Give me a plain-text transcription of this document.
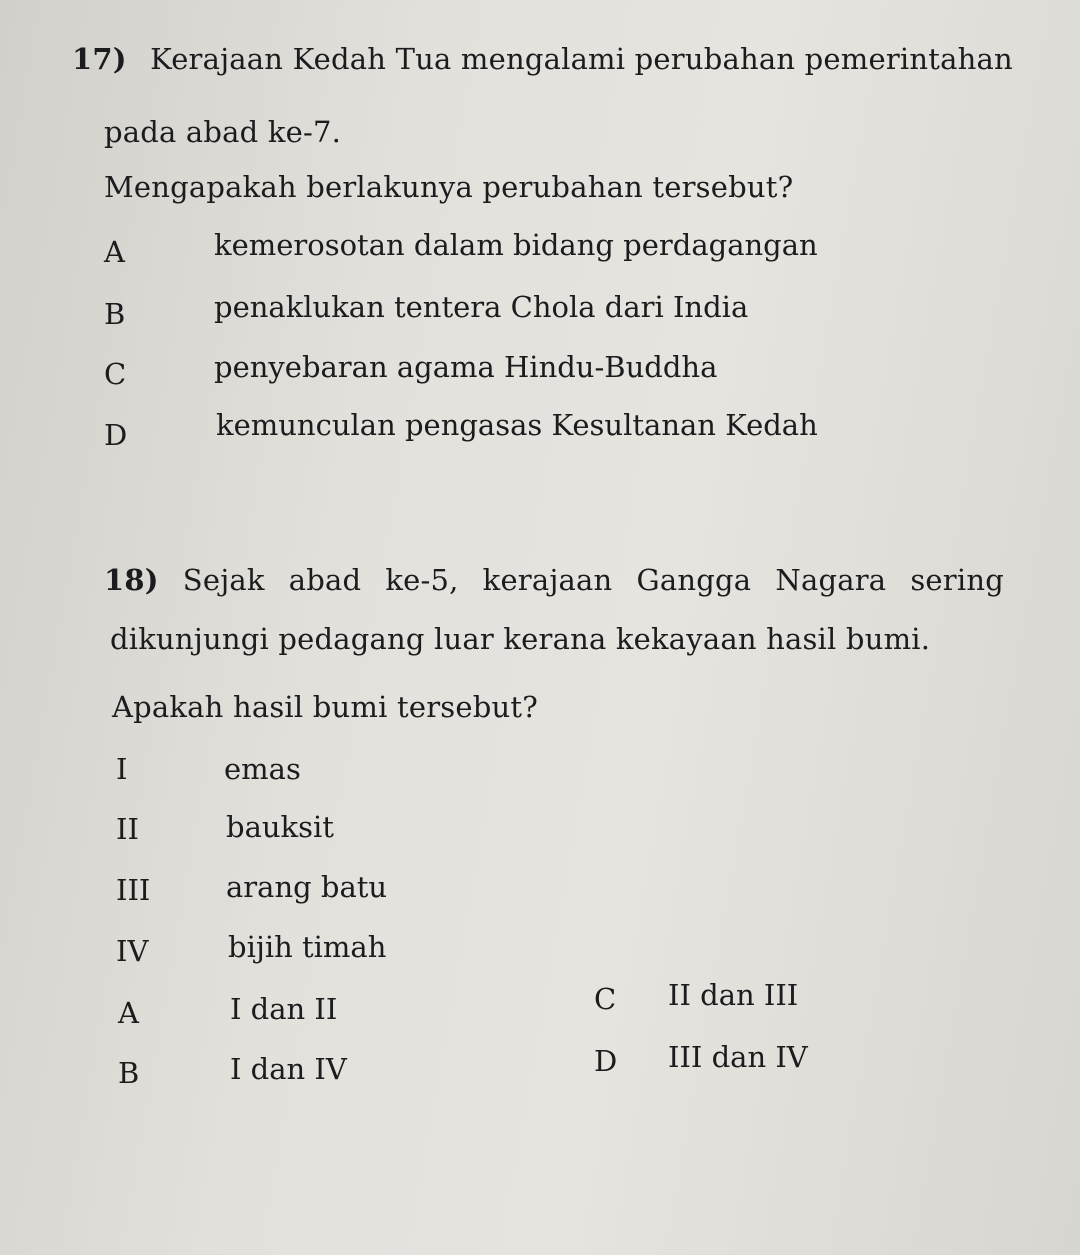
17) Kerajaan Kedah Tua mengalami perubahan pemerintahan
pada abad ke-7.
Mengapakah berlakunya perubahan tersebut?
A	kemerosotan dalam bidang perdagangan
B	penaklukan tentera Chola dari India
C	penyebaran agama Hindu-Buddha
D	kemunculan pengasas Kesultanan Kedah
18) Sejak abad ke-5, kerajaan Gangga Nagara sering
dikunjungi pedagang luar kerana kekayaan hasil bumi.
Apakah hasil bumi tersebut?
I	emas
II	bauksit
III	arang batu
IV	bijih timah
A	I dan II
B	I dan IV
C II dan III
D III dan IV
